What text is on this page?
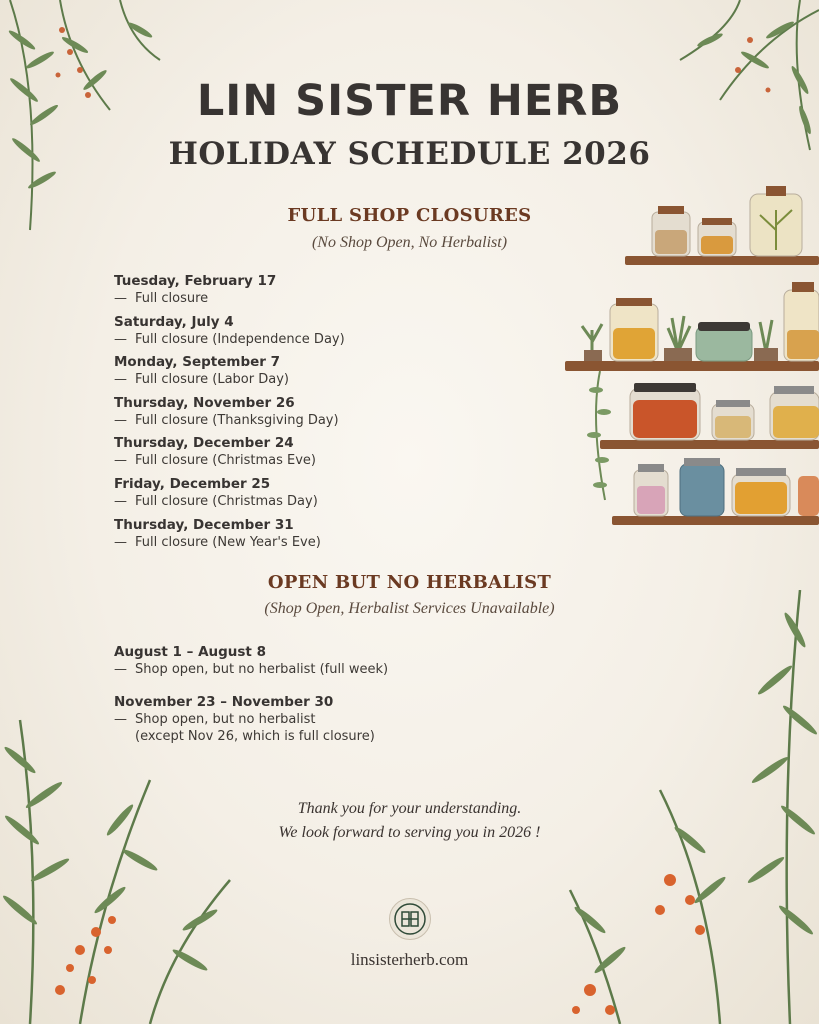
LIN SISTER HERB
HOLIDAY SCHEDULE 2026
FULL SHOP CLOSURES
(No Shop Open, No Herbalist)
Tuesday, February 17
— Full closure
Saturday, July 4
— Full closure (Independence Day)
Monday, September 7
— Full closure (Labor Day)
Thursday, November 26
— Full closure (Thanksgiving Day)
Thursday, December 24
— Full closure (Christmas Eve)
Friday, December 25
— Full closure (Christmas Day)
Thursday, December 31
— Full closure (New Year's Eve)
OPEN BUT NO HERBALIST
(Shop Open, Herbalist Services Unavailable)
August 1 – August 8
— Shop open, but no herbalist (full week)
November 23 – November 30
— Shop open, but no herbalist
(except Nov 26, which is full closure)
Thank you for your understanding.
We look forward to serving you in 2026 !
linsisterherb.com
